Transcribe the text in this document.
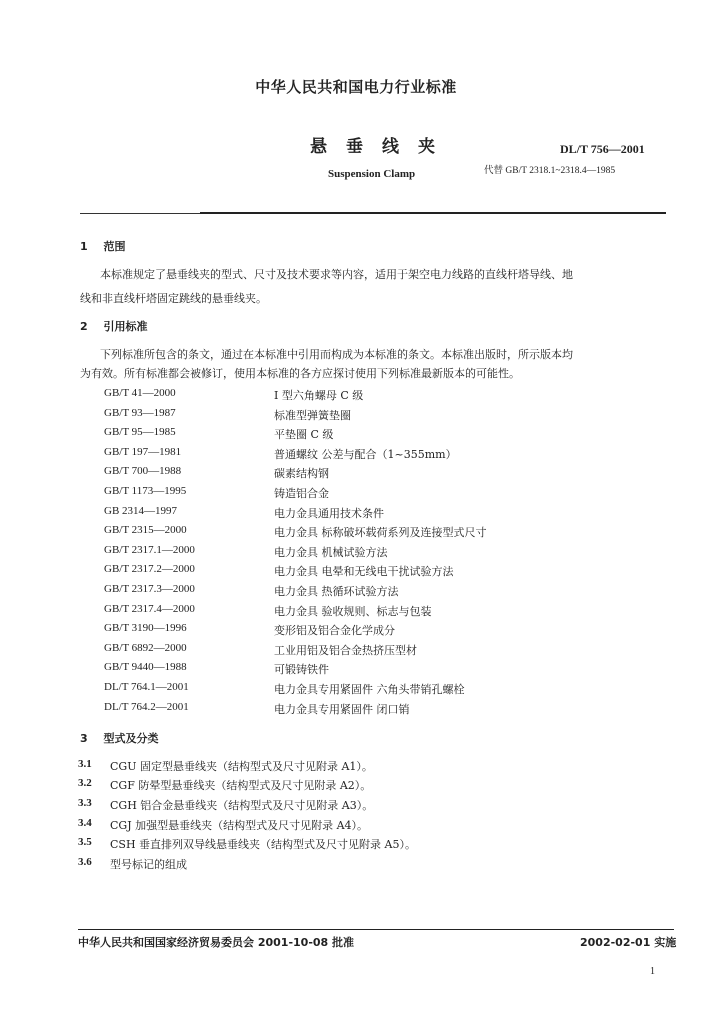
中华人民共和国电力行业标准
悬垂线夹	DL/T 756—2001
Suspension Clamp	代替 GB/T 2318.1~2318.4—1985
1 范围
本标准规定了悬垂线夹的型式、尺寸及技术要求等内容，适用于架空电力线路的直线杆塔导线、地
线和非直线杆塔固定跳线的悬垂线夹。
2 引用标准
下列标准所包含的条文，通过在本标准中引用而构成为本标准的条文。本标准出版时，所示版本均
为有效。所有标准都会被修订，使用本标准的各方应探讨使用下列标准最新版本的可能性。
GB/T 41—2000	I 型六角螺母 C 级
GB/T 93—1987	标准型弹簧垫圈
GB/T 95—1985	平垫圈 C 级
GB/T 197—1981	普通螺纹 公差与配合（1~355mm）
GB/T 700—1988	碳素结构钢
GB/T 1173—1995	铸造铝合金
GB 2314—1997	电力金具通用技术条件
GB/T 2315—2000	电力金具 标称破坏载荷系列及连接型式尺寸
GB/T 2317.1—2000	电力金具 机械试验方法
GB/T 2317.2—2000	电力金具 电晕和无线电干扰试验方法
GB/T 2317.3—2000	电力金具 热循环试验方法
GB/T 2317.4—2000	电力金具 验收规则、标志与包装
GB/T 3190—1996	变形铝及铝合金化学成分
GB/T 6892—2000	工业用铝及铝合金热挤压型材
GB/T 9440—1988	可锻铸铁件
DL/T 764.1—2001	电力金具专用紧固件 六角头带销孔螺栓
DL/T 764.2—2001	电力金具专用紧固件 闭口销
3 型式及分类
3.1 CGU 固定型悬垂线夹（结构型式及尺寸见附录 A1）。
3.2 CGF 防晕型悬垂线夹（结构型式及尺寸见附录 A2）。
3.3 CGH 铝合金悬垂线夹（结构型式及尺寸见附录 A3）。
3.4 CGJ 加强型悬垂线夹（结构型式及尺寸见附录 A4）。
3.5 CSH 垂直排列双导线悬垂线夹（结构型式及尺寸见附录 A5）。
3.6 型号标记的组成
中华人民共和国国家经济贸易委员会 2001-10-08 批准	2002-02-01 实施
1
